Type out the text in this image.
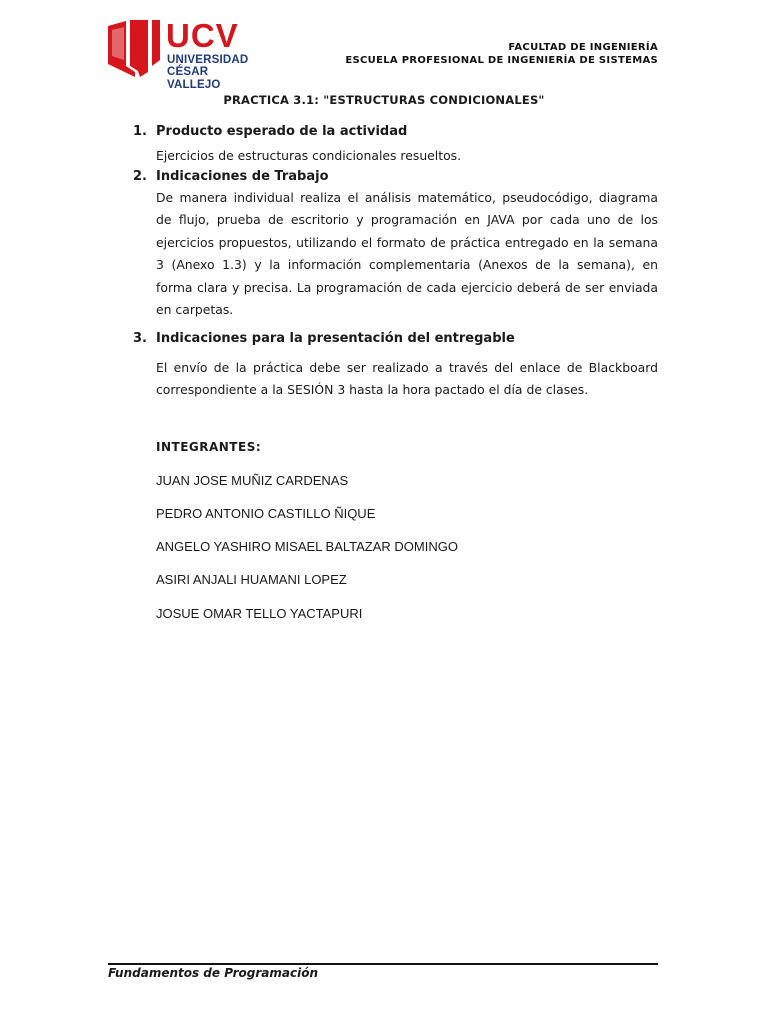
UCV
UNIVERSIDAD
CÉSAR VALLEJO
FACULTAD DE INGENIERÍA
ESCUELA PROFESIONAL DE INGENIERÍA DE SISTEMAS
PRACTICA 3.1: "ESTRUCTURAS CONDICIONALES"
1. Producto esperado de la actividad
Ejercicios de estructuras condicionales resueltos.
2. Indicaciones de Trabajo
De manera individual realiza el análisis matemático, pseudocódigo, diagrama de flujo, prueba de escritorio y programación en JAVA por cada uno de los ejercicios propuestos, utilizando el formato de práctica entregado en la semana 3 (Anexo 1.3) y la información complementaria (Anexos de la semana), en forma clara y precisa. La programación de cada ejercicio deberá de ser enviada en carpetas.
3. Indicaciones para la presentación del entregable
El envío de la práctica debe ser realizado a través del enlace de Blackboard correspondiente a la SESIÓN 3 hasta la hora pactado el día de clases.
INTEGRANTES:
JUAN JOSE MUÑIZ CARDENAS
PEDRO ANTONIO CASTILLO ÑIQUE
ANGELO YASHIRO MISAEL BALTAZAR DOMINGO
ASIRI ANJALI HUAMANI LOPEZ
JOSUE OMAR TELLO YACTAPURI
Fundamentos de Programación
